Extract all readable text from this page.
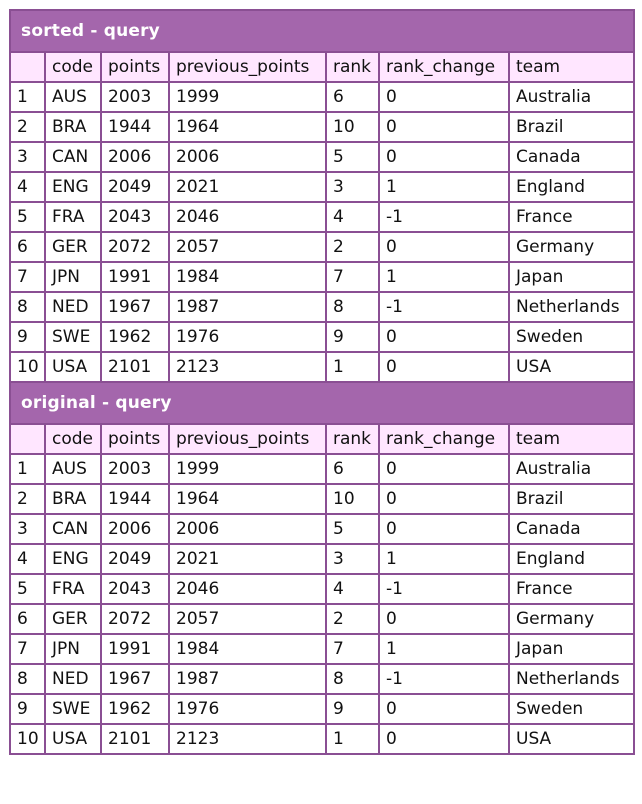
sorted - query						
	code	points	previous_points	rank	rank_change	team
1	AUS	2003	1999	6	0	Australia
2	BRA	1944	1964	10	0	Brazil
3	CAN	2006	2006	5	0	Canada
4	ENG	2049	2021	3	1	England
5	FRA	2043	2046	4	-1	France
6	GER	2072	2057	2	0	Germany
7	JPN	1991	1984	7	1	Japan
8	NED	1967	1987	8	-1	Netherlands
9	SWE	1962	1976	9	0	Sweden
10	USA	2101	2123	1	0	USA
original - query						
	code	points	previous_points	rank	rank_change	team
1	AUS	2003	1999	6	0	Australia
2	BRA	1944	1964	10	0	Brazil
3	CAN	2006	2006	5	0	Canada
4	ENG	2049	2021	3	1	England
5	FRA	2043	2046	4	-1	France
6	GER	2072	2057	2	0	Germany
7	JPN	1991	1984	7	1	Japan
8	NED	1967	1987	8	-1	Netherlands
9	SWE	1962	1976	9	0	Sweden
10	USA	2101	2123	1	0	USA
